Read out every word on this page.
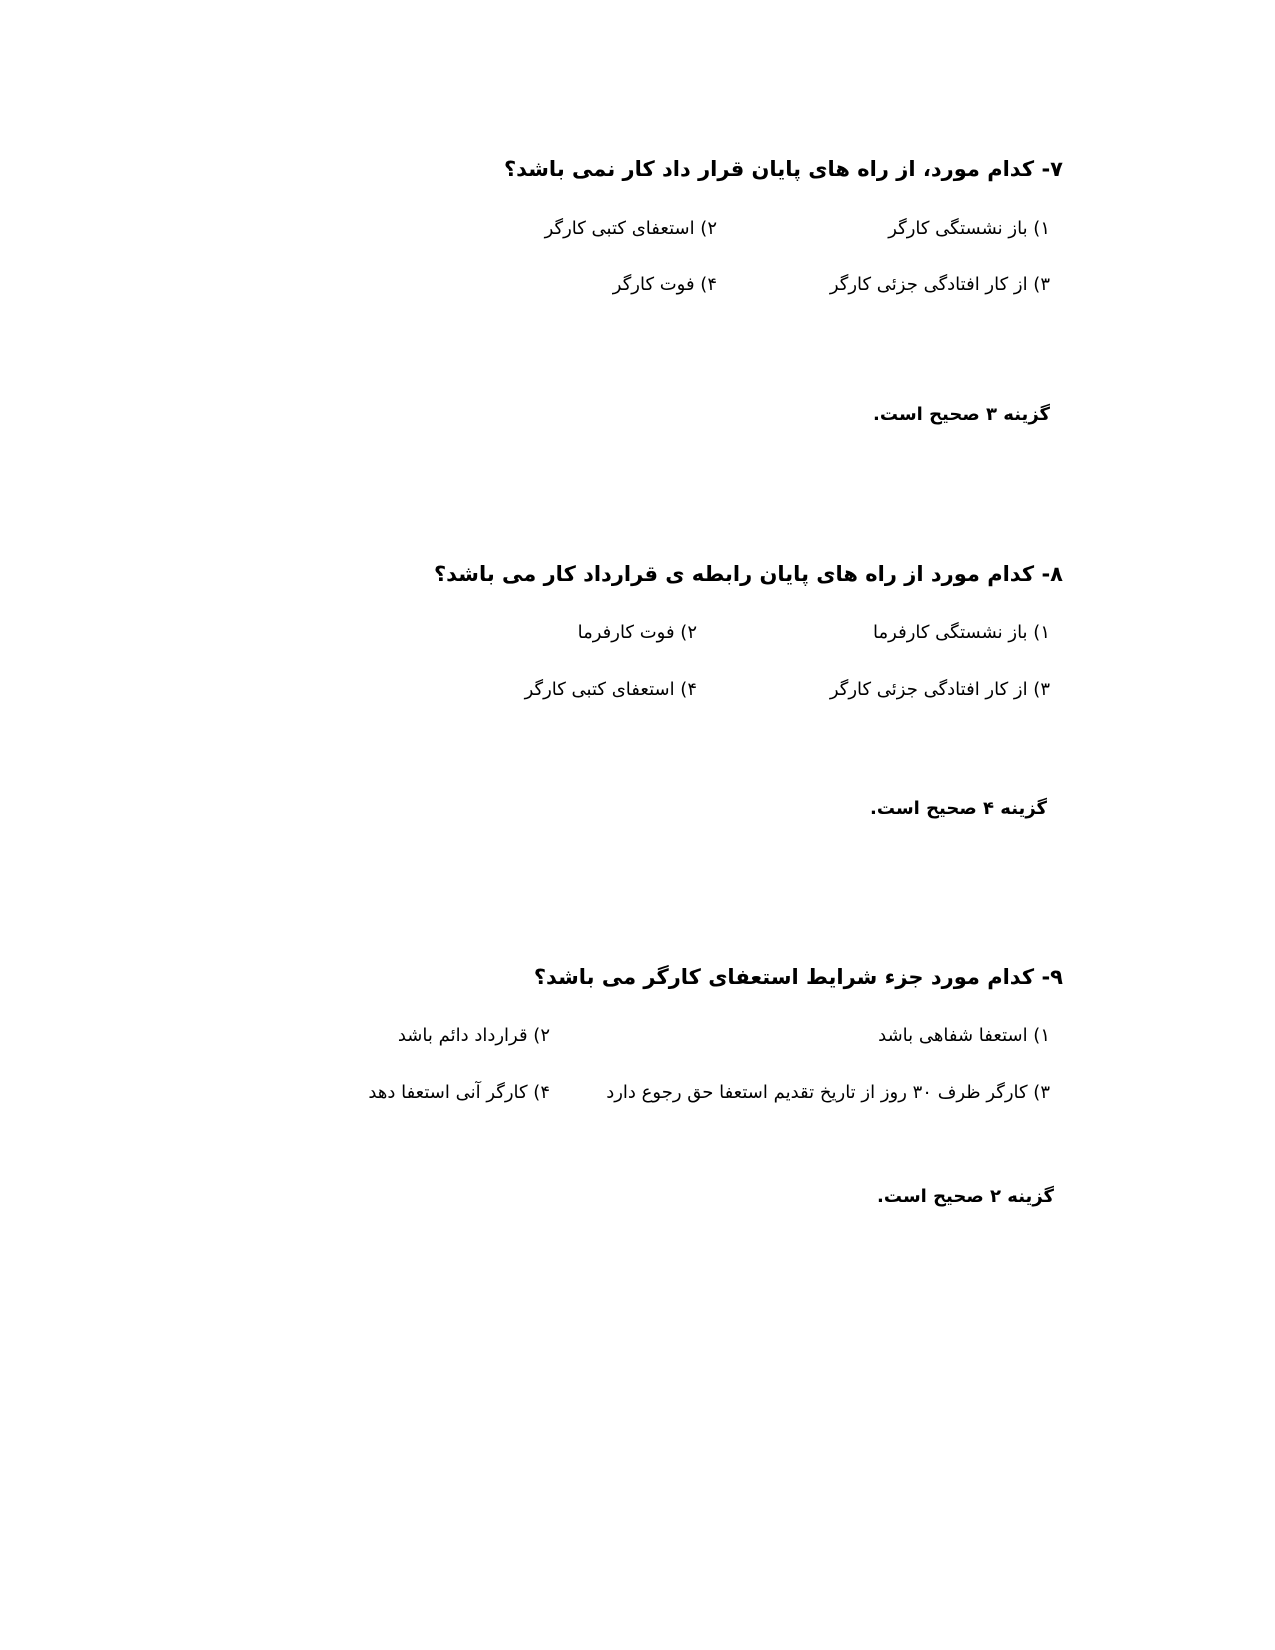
۷- کدام مورد، از راه های پایان قرار داد کار نمی باشد؟
۱) باز نشستگی کارگر
۲) استعفای کتبی کارگر
۳) از کار افتادگی جزئی کارگر
۴) فوت کارگر
گزینه ۳ صحیح است.
۸- کدام مورد از راه های پایان رابطه ی قرارداد کار می باشد؟
۱) باز نشستگی کارفرما
۲) فوت کارفرما
۳) از کار افتادگی جزئی کارگر
۴) استعفای کتبی کارگر
گزینه ۴ صحیح است.
۹- کدام مورد جزء شرایط استعفای کارگر می باشد؟
۱) استعفا شفاهی باشد
۲) قرارداد دائم باشد
۳) کارگر ظرف ۳۰ روز از تاریخ تقدیم استعفا حق رجوع دارد
۴) کارگر آنی استعفا دهد
گزینه ۲ صحیح است.
